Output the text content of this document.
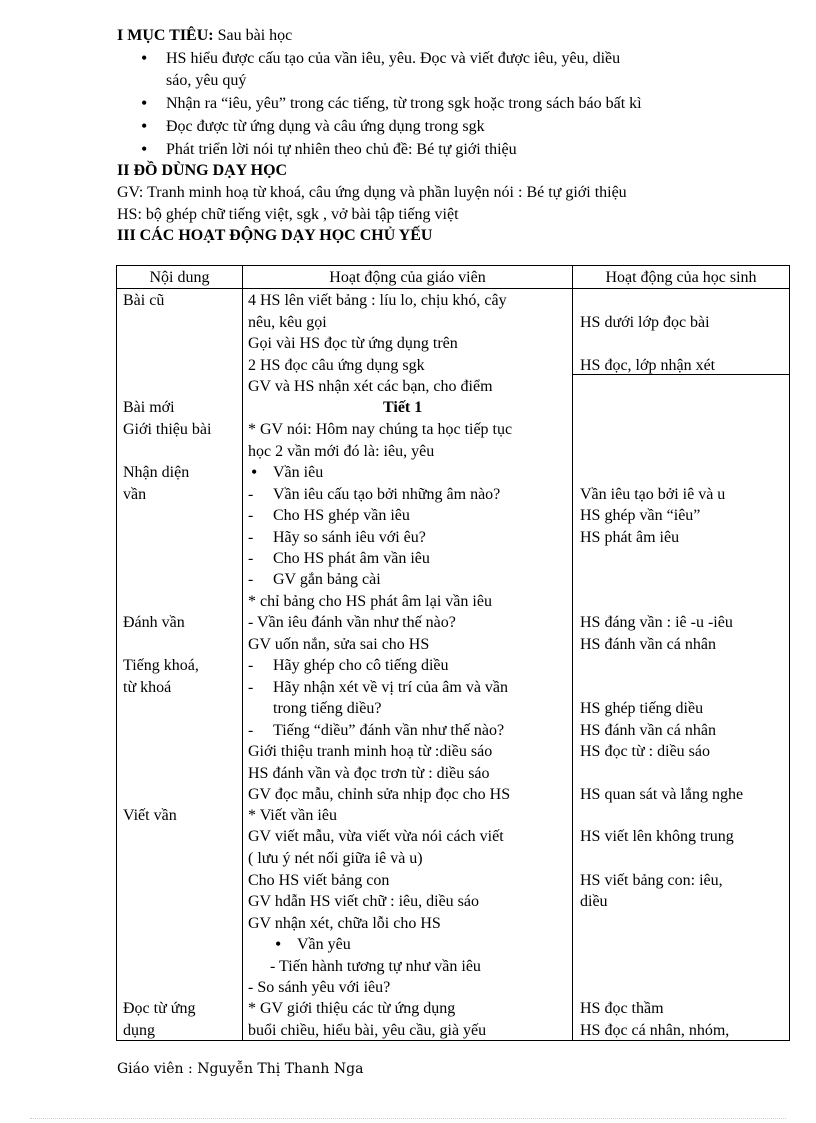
I MỤC TIÊU: Sau bài học
HS hiểu được cấu tạo của vần iêu, yêu. Đọc và viết được iêu, yêu, diều
sáo, yêu quý
Nhận ra “iêu, yêu” trong các tiếng, từ trong sgk hoặc trong sách báo bất kì
Đọc được từ ứng dụng và câu ứng dụng trong sgk
Phát triển lời nói tự nhiên theo chủ đề: Bé tự giới thiệu
II ĐỒ DÙNG DẠY HỌC
GV: Tranh minh hoạ từ khoá, câu ứng dụng và phần luyện nói : Bé tự giới thiệu
HS: bộ ghép chữ tiếng việt, sgk , vở bài tập tiếng việt
III CÁC HOẠT ĐỘNG DẠY HỌC CHỦ YẾU
Nội dung	Hoạt động của giáo viên	Hoạt động của học sinh
Bài cũ
Bài mới
Giới thiệu bài
Nhận diện
vần
Đánh vần
Tiếng khoá,
từ khoá
Viết vần
Đọc từ ứng
dụng
4 HS lên viết bảng : líu lo, chịu khó, cây
nêu, kêu gọi
Gọi vài HS đọc từ ứng dụng trên
2 HS đọc câu ứng dụng sgk
GV và HS nhận xét các bạn, cho điểm
Tiết 1
* GV nói: Hôm nay chúng ta học tiếp tục
học 2 vần mới đó là: iêu, yêu
• Vần iêu
- Vần iêu cấu tạo bởi những âm nào?
- Cho HS ghép vần iêu
- Hãy so sánh iêu với êu?
- Cho HS phát âm vần iêu
- GV gắn bảng cài
* chỉ bảng cho HS phát âm lại vần iêu
- Vần iêu đánh vần như thế nào?
GV uốn nắn, sửa sai cho HS
- Hãy ghép cho cô tiếng diều
- Hãy nhận xét về vị trí của âm và vần
trong tiếng diều?
- Tiếng “diều” đánh vần như thế nào?
Giới thiệu tranh minh hoạ từ :diều sáo
HS đánh vần và đọc trơn từ : diều sáo
GV đọc mẫu, chỉnh sửa nhịp đọc cho HS
* Viết vần iêu
GV viết mẫu, vừa viết vừa nói cách viết
( lưu ý nét nối giữa iê và u)
Cho HS viết bảng con
GV hdẫn HS viết chữ : iêu, diều sáo
GV nhận xét, chữa lỗi cho HS
• Vần yêu
- Tiến hành tương tự như vần iêu
- So sánh yêu với iêu?
* GV giới thiệu các từ ứng dụng
buổi chiều, hiểu bài, yêu cầu, già yếu
HS dưới lớp đọc bài
HS đọc, lớp nhận xét
Vần iêu tạo bởi iê và u
HS ghép vần “iêu”
HS phát âm iêu
HS đáng vần : iê -u -iêu
HS đánh vần cá nhân
HS ghép tiếng diều
HS đánh vần cá nhân
HS đọc từ : diều sáo
HS quan sát và lắng nghe
HS viết lên không trung
HS viết bảng con: iêu,
diều
HS đọc thầm
HS đọc cá nhân, nhóm,
Giáo viên : Nguyễn Thị Thanh Nga
